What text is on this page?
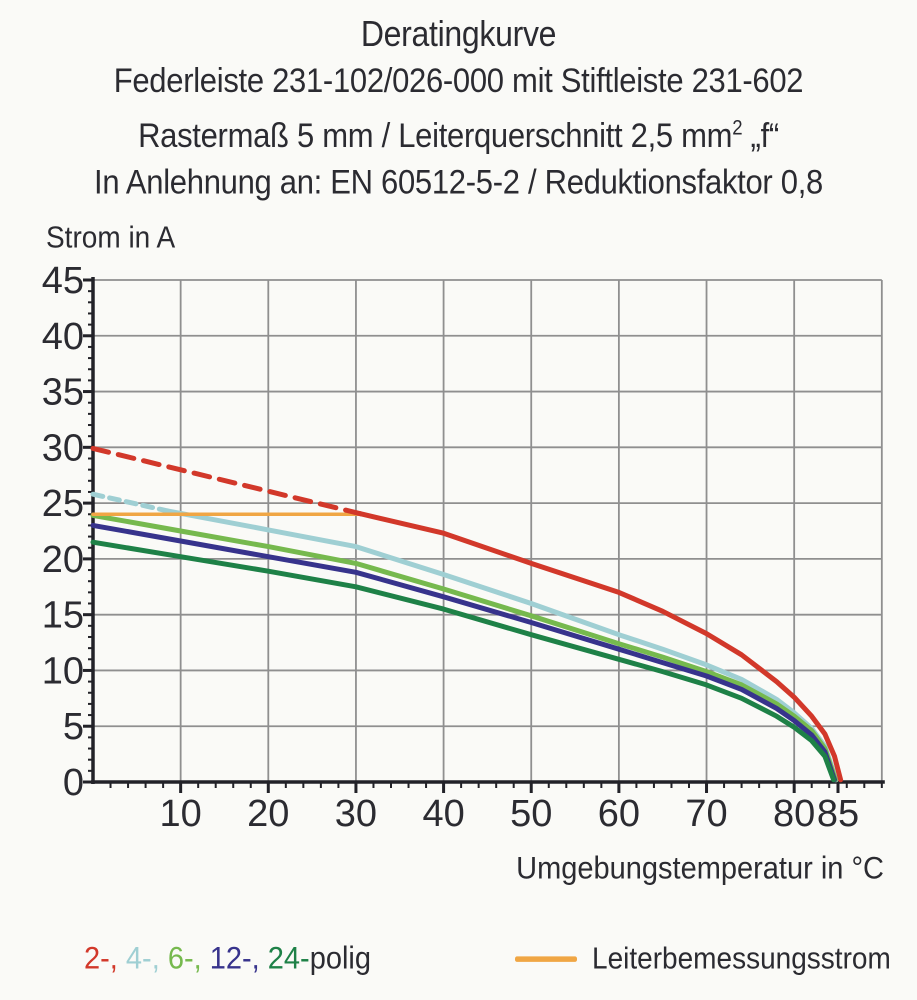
10 20 30 40 50 60 70 80 85
0
5
10
15
20
25
30
35
40
45
Deratingkurve
Federleiste 231-102/026-000 mit Stiftleiste 231-602
Rastermaß 5 mm / Leiterquerschnitt 2,5 $mm^2$ „f“
In Anlehnung an: EN 60512-5-2 / Reduktionsfaktor 0,8
Strom in A
Umgebungstemperatur in °C
2-, 4-, 6-, 12-, 24-polig	Leiterbemessungsstrom
